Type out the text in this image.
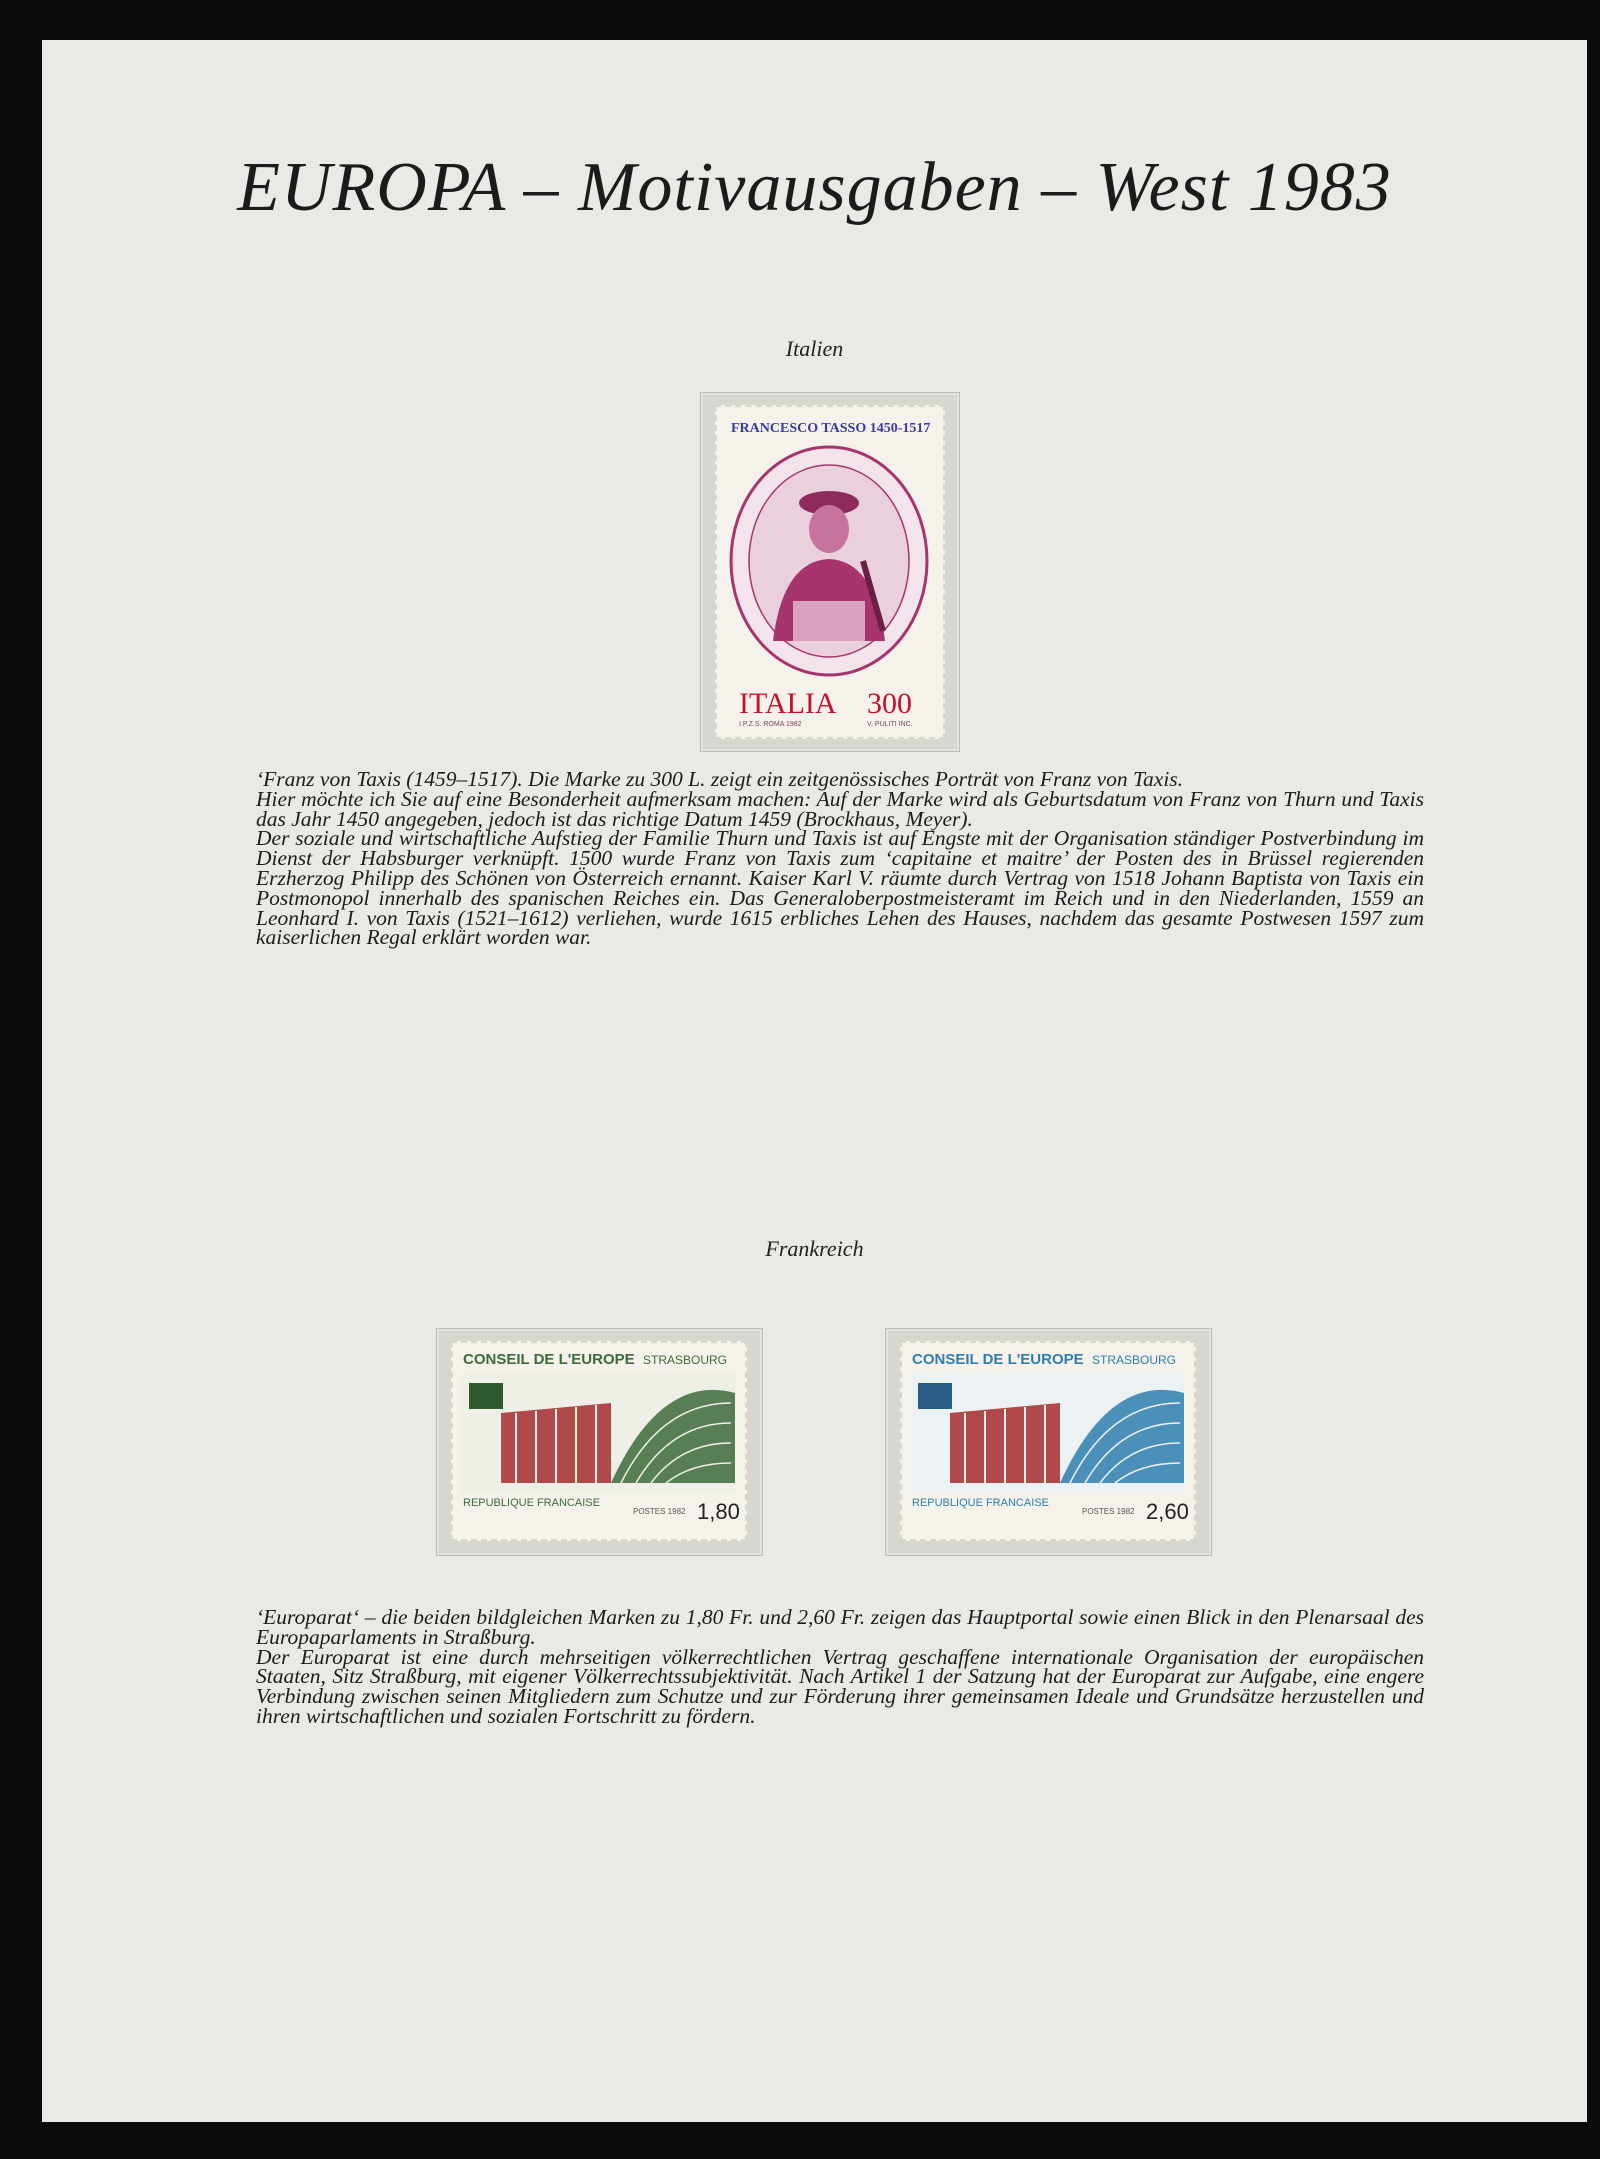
EUROPA – Motivausgaben – West 1983
Italien
FRANCESCO TASSO 1450-1517
ITALIA 300
I.P.Z.S. ROMA 1982	V. PULITI INC.

‘Franz von Taxis (1459–1517). Die Marke zu 300 L. zeigt ein zeitgenössisches Porträt von Franz von Taxis.

Hier möchte ich Sie auf eine Besonderheit aufmerksam machen: Auf der Marke wird als Geburtsdatum von Franz von Thurn und Taxis das Jahr 1450 angegeben, jedoch ist das richtige Datum 1459 (Brockhaus, Meyer).

Der soziale und wirtschaftliche Aufstieg der Familie Thurn und Taxis ist auf Engste mit der Organisation ständiger Postverbindung im Dienst der Habsburger verknüpft. 1500 wurde Franz von Taxis zum ‘capitaine et maitre’ der Posten des in Brüssel regierenden Erzherzog Philipp des Schönen von Österreich ernannt. Kaiser Karl V. räumte durch Vertrag von 1518 Johann Baptista von Taxis ein Postmonopol innerhalb des spanischen Reiches ein. Das Generaloberpostmeisteramt im Reich und in den Niederlanden, 1559 an Leonhard I. von Taxis (1521–1612) verliehen, wurde 1615 erbliches Lehen des Hauses, nachdem das gesamte Postwesen 1597 zum kaiserlichen Regal erklärt worden war.

Frankreich
CONSEIL DE L'EUROPE STRASBOURG
REPUBLIQUE FRANCAISE
POSTES 1982 1,80
CONSEIL DE L'EUROPE STRASBOURG
REPUBLIQUE FRANCAISE
POSTES 1982 2,60

‘Europarat‘ – die beiden bildgleichen Marken zu 1,80 Fr. und 2,60 Fr. zeigen das Hauptportal sowie einen Blick in den Plenarsaal des Europaparlaments in Straßburg.

Der Europarat ist eine durch mehrseitigen völkerrechtlichen Vertrag geschaffene internationale Organisation der europäischen Staaten, Sitz Straßburg, mit eigener Völkerrechtssubjektivität. Nach Artikel 1 der Satzung hat der Europarat zur Aufgabe, eine engere Verbindung zwischen seinen Mitgliedern zum Schutze und zur Förderung ihrer gemeinsamen Ideale und Grundsätze herzustellen und ihren wirtschaftlichen und sozialen Fortschritt zu fördern.
